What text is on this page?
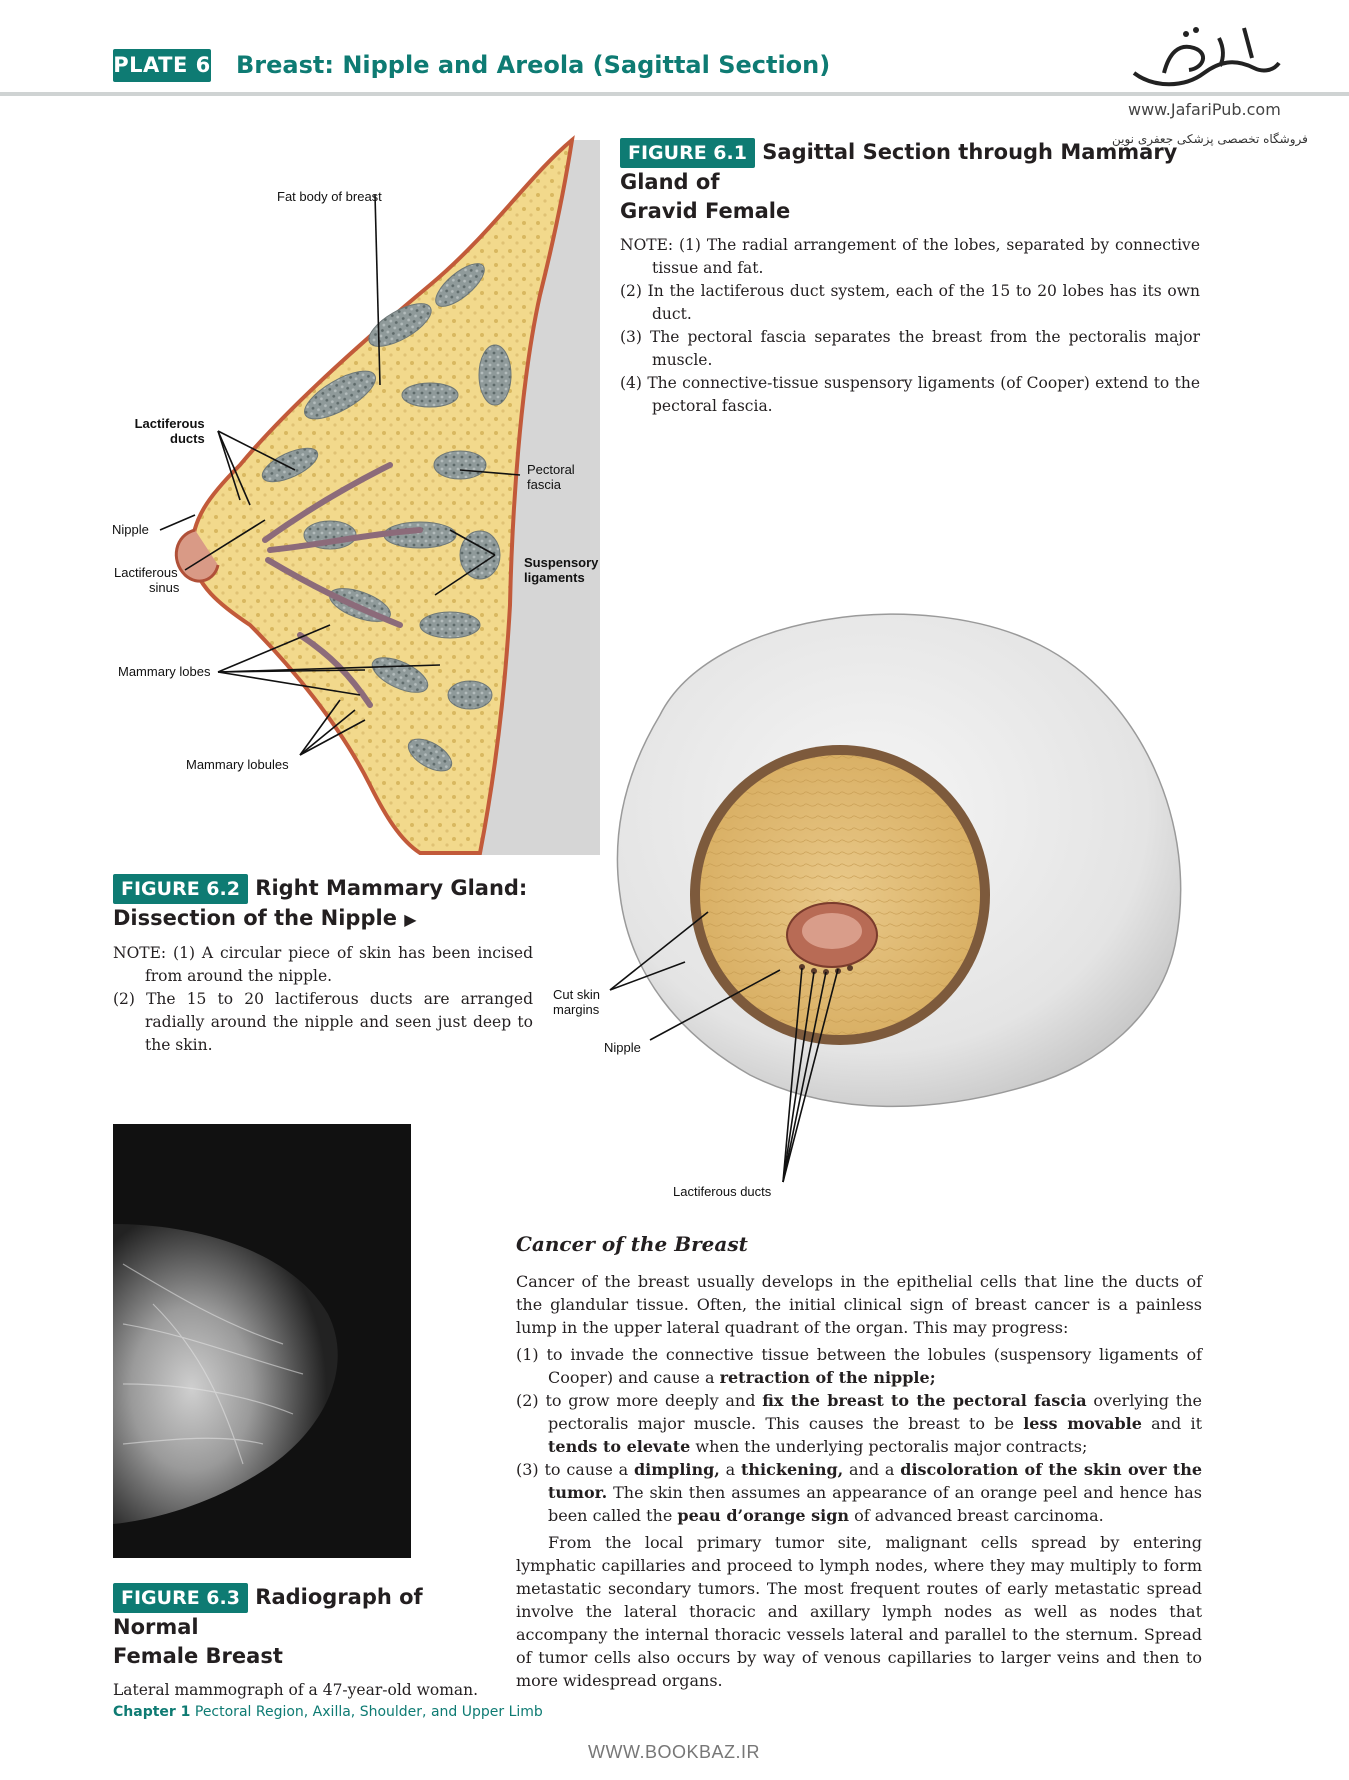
PLATE 6 Breast: Nipple and Areola (Sagittal Section)
www.JafariPub.com
فروشگاه تخصصی پزشکی جعفری نوین
Fat body of breast
Lactiferous
ducts
Nipple
Lactiferous
sinus
Pectoral
fascia
Suspensory
ligaments
Mammary lobes
Mammary lobules
FIGURE 6.1 Sagittal Section through Mammary Gland of
Gravid Female
NOTE: (1) The radial arrangement of the lobes, separated by connective tissue and fat.
(2) In the lactiferous duct system, each of the 15 to 20 lobes has its own duct.
(3) The pectoral fascia separates the breast from the pectoralis major muscle.
(4) The connective-tissue suspensory ligaments (of Cooper) extend to the pectoral fascia.
Cut skin
margins
Nipple
Lactiferous ducts
FIGURE 6.2 Right Mammary Gland:
Dissection of the Nipple ▶
NOTE: (1) A circular piece of skin has been incised from around the nipple.
(2) The 15 to 20 lactiferous ducts are arranged radially around the nipple and seen just deep to the skin.
FIGURE 6.3 Radiograph of Normal
Female Breast
Lateral mammograph of a 47-year-old woman.
Cancer of the Breast

Cancer of the breast usually develops in the epithelial cells that line the ducts of the glandular tissue. Often, the initial clinical sign of breast cancer is a painless lump in the upper lateral quadrant of the organ. This may progress:

(1) to invade the connective tissue between the lobules (suspensory ligaments of Cooper) and cause a retraction of the nipple;

(2) to grow more deeply and fix the breast to the pectoral fascia overlying the pectoralis major muscle. This causes the breast to be less movable and it tends to elevate when the underlying pectoralis major contracts;

(3) to cause a dimpling, a thickening, and a discoloration of the skin over the tumor. The skin then assumes an appearance of an orange peel and hence has been called the peau d’orange sign of advanced breast carcinoma.

From the local primary tumor site, malignant cells spread by entering lymphatic capillaries and proceed to lymph nodes, where they may multiply to form metastatic secondary tumors. The most frequent routes of early metastatic spread involve the lateral thoracic and axillary lymph nodes as well as nodes that accompany the internal thoracic vessels lateral and parallel to the sternum. Spread of tumor cells also occurs by way of venous capillaries to larger veins and then to more widespread organs.

Chapter 1 Pectoral Region, Axilla, Shoulder, and Upper Limb
WWW.BOOKBAZ.IR
